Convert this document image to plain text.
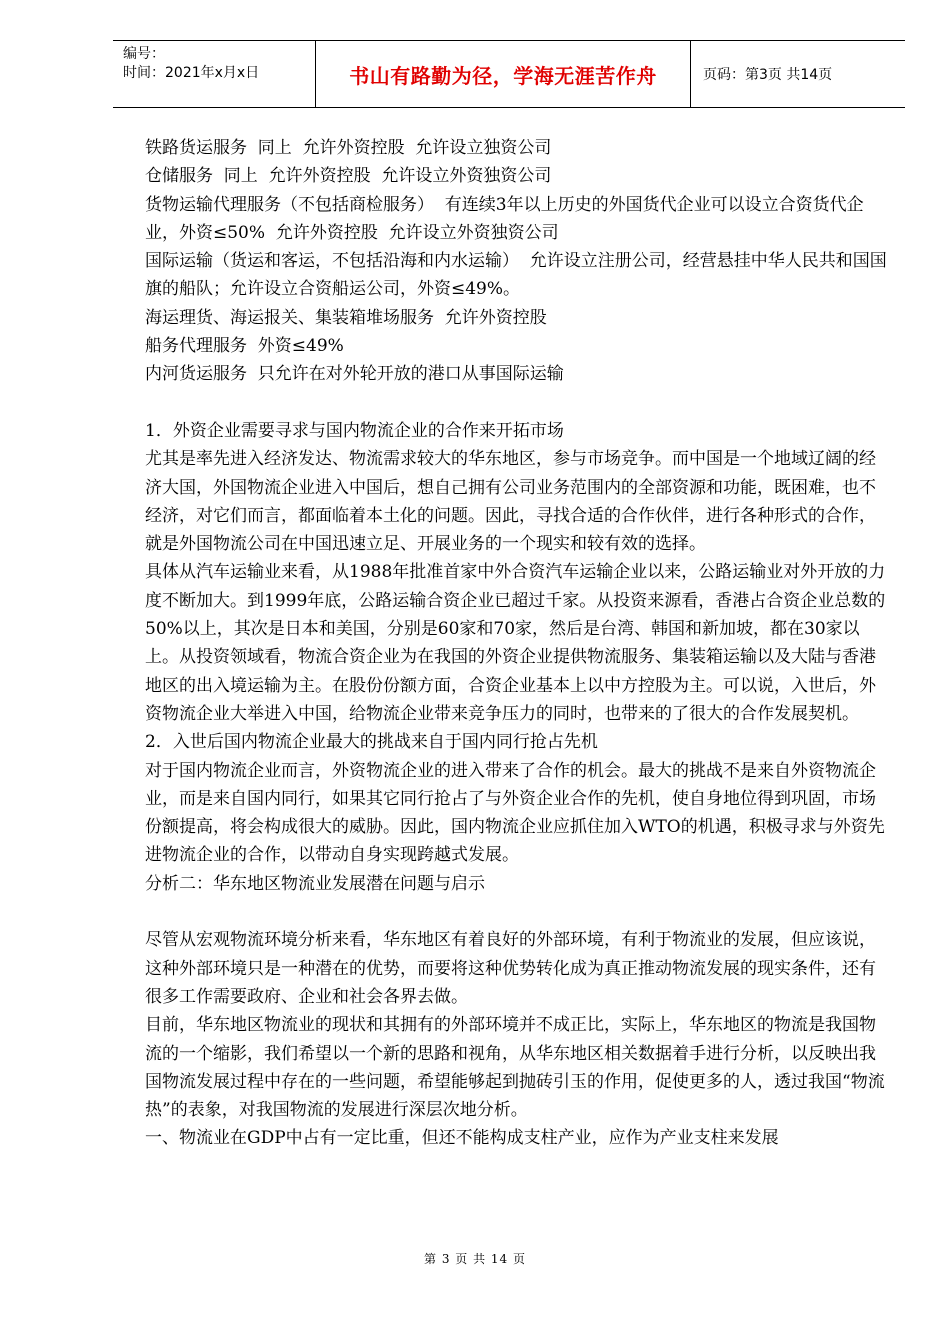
编号：
时间：2021年x月x日	书山有路勤为径，学海无涯苦作舟	页码：第3页 共14页

铁路货运服务  同上  允许外资控股  允许设立独资公司

仓储服务  同上  允许外资控股  允许设立外资独资公司

货物运输代理服务（不包括商检服务）  有连续3年以上历史的外国货代企业可以设立合资货代企业，外资≤50%  允许外资控股  允许设立外资独资公司

国际运输（货运和客运，不包括沿海和内水运输）  允许设立注册公司，经营悬挂中华人民共和国国旗的船队；允许设立合资船运公司，外资≤49%。

海运理货、海运报关、集装箱堆场服务  允许外资控股

船务代理服务  外资≤49%

内河货运服务  只允许在对外轮开放的港口从事国际运输

1．外资企业需要寻求与国内物流企业的合作来开拓市场

尤其是率先进入经济发达、物流需求较大的华东地区，参与市场竞争。而中国是一个地域辽阔的经济大国，外国物流企业进入中国后，想自己拥有公司业务范围内的全部资源和功能，既困难，也不经济，对它们而言，都面临着本土化的问题。因此，寻找合适的合作伙伴，进行各种形式的合作，就是外国物流公司在中国迅速立足、开展业务的一个现实和较有效的选择。

具体从汽车运输业来看，从1988年批准首家中外合资汽车运输企业以来，公路运输业对外开放的力度不断加大。到1999年底，公路运输合资企业已超过千家。从投资来源看，香港占合资企业总数的50%以上，其次是日本和美国，分别是60家和70家，然后是台湾、韩国和新加坡，都在30家以上。从投资领域看，物流合资企业为在我国的外资企业提供物流服务、集装箱运输以及大陆与香港地区的出入境运输为主。在股份份额方面，合资企业基本上以中方控股为主。可以说，入世后，外资物流企业大举进入中国，给物流企业带来竞争压力的同时，也带来的了很大的合作发展契机。

2．入世后国内物流企业最大的挑战来自于国内同行抢占先机

对于国内物流企业而言，外资物流企业的进入带来了合作的机会。最大的挑战不是来自外资物流企业，而是来自国内同行，如果其它同行抢占了与外资企业合作的先机，使自身地位得到巩固，市场份额提高，将会构成很大的威胁。因此，国内物流企业应抓住加入WTO的机遇，积极寻求与外资先进物流企业的合作，以带动自身实现跨越式发展。

分析二：华东地区物流业发展潜在问题与启示

尽管从宏观物流环境分析来看，华东地区有着良好的外部环境，有利于物流业的发展，但应该说，这种外部环境只是一种潜在的优势，而要将这种优势转化成为真正推动物流发展的现实条件，还有很多工作需要政府、企业和社会各界去做。

目前，华东地区物流业的现状和其拥有的外部环境并不成正比，实际上，华东地区的物流是我国物流的一个缩影，我们希望以一个新的思路和视角，从华东地区相关数据着手进行分析，以反映出我国物流发展过程中存在的一些问题，希望能够起到抛砖引玉的作用，促使更多的人，透过我国“物流热”的表象，对我国物流的发展进行深层次地分析。

一、物流业在GDP中占有一定比重，但还不能构成支柱产业，应作为产业支柱来发展

第 3 页 共 14 页
